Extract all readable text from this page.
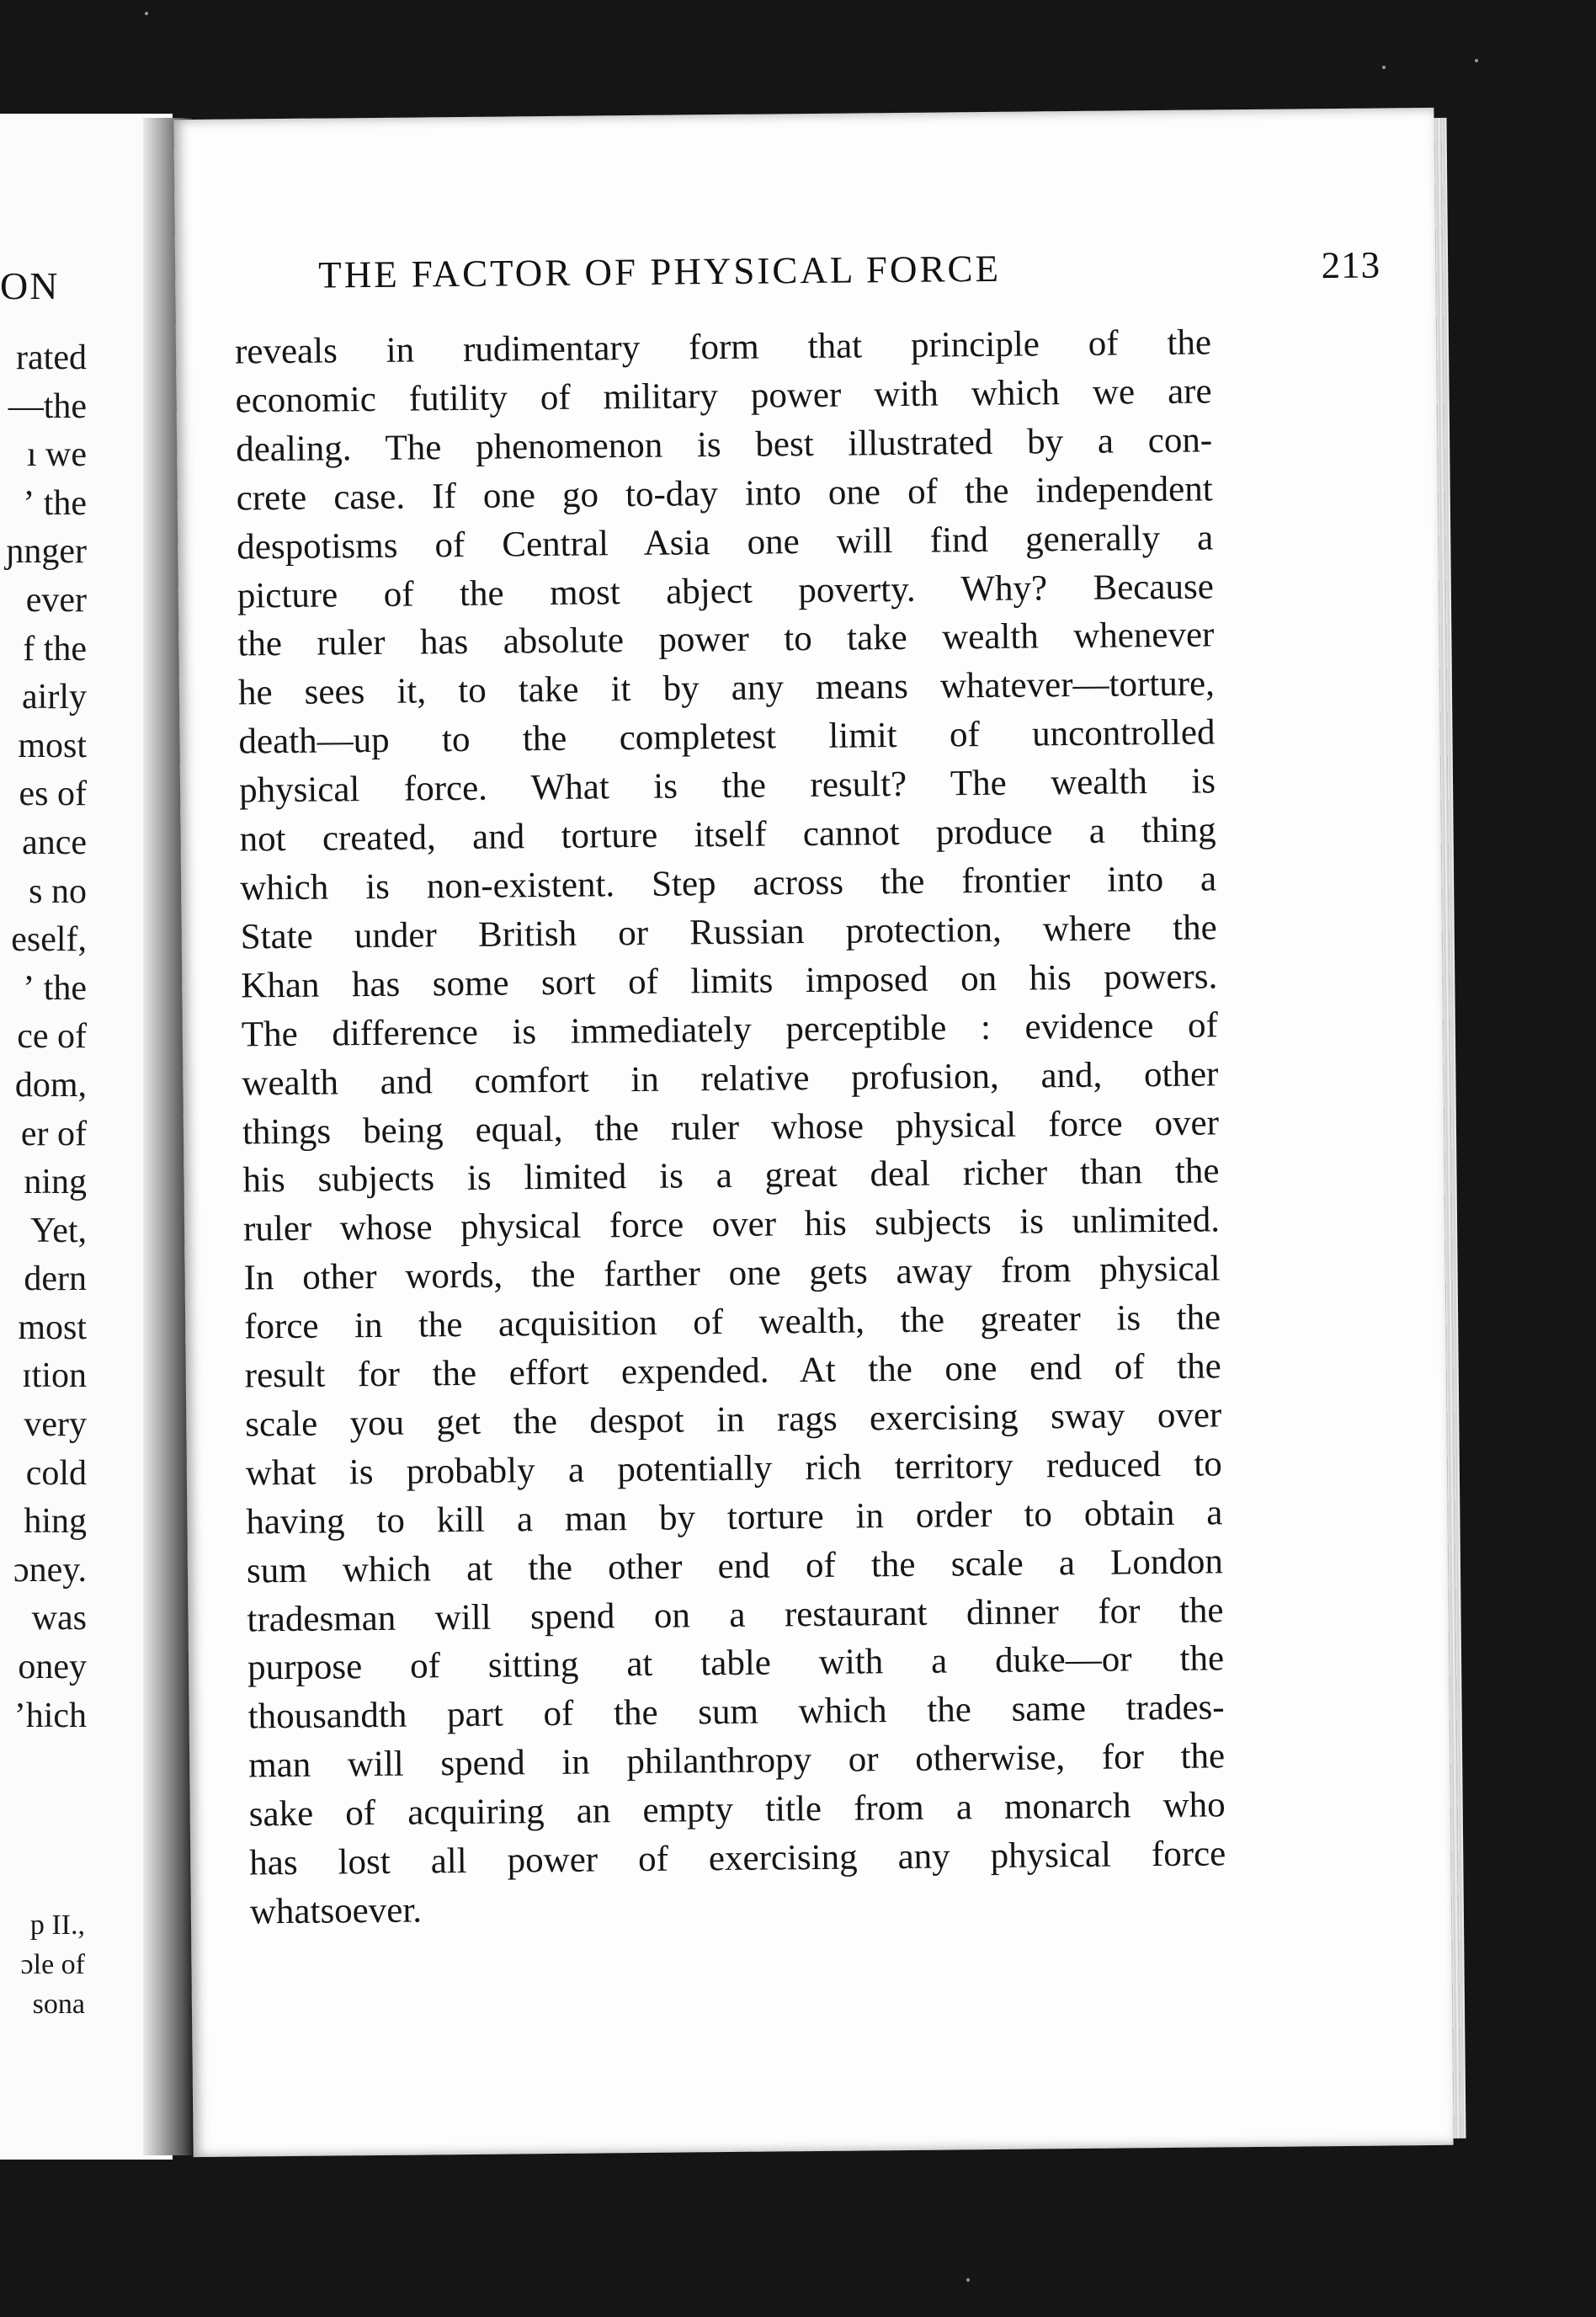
ON
rated
—the
ı we
ʼ the
ɲnger
ever
f the
airly
most
es of
ance
s no
eself,
ʼ the
ce of
dom,
er of
ning
Yet,
dern
most
ɪtion
very
cold
hing
ɔney.
was
oney
ʼhich
p II.,
ɔle of
sona
THE FACTOR OF PHYSICAL FORCE	213
reveals in rudimentary form that principle of the
economic futility of military power with which we are
dealing. The phenomenon is best illustrated by a con-
crete case. If one go to-day into one of the independent
despotisms of Central Asia one will find generally a
picture of the most abject poverty. Why? Because
the ruler has absolute power to take wealth whenever
he sees it, to take it by any means whatever—torture,
death—up to the completest limit of uncontrolled
physical force. What is the result? The wealth is
not created, and torture itself cannot produce a thing
which is non-existent. Step across the frontier into a
State under British or Russian protection, where the
Khan has some sort of limits imposed on his powers.
The difference is immediately perceptible : evidence of
wealth and comfort in relative profusion, and, other
things being equal, the ruler whose physical force over
his subjects is limited is a great deal richer than the
ruler whose physical force over his subjects is unlimited.
In other words, the farther one gets away from physical
force in the acquisition of wealth, the greater is the
result for the effort expended. At the one end of the
scale you get the despot in rags exercising sway over
what is probably a potentially rich territory reduced to
having to kill a man by torture in order to obtain a
sum which at the other end of the scale a London
tradesman will spend on a restaurant dinner for the
purpose of sitting at table with a duke—or the
thousandth part of the sum which the same trades-
man will spend in philanthropy or otherwise, for the
sake of acquiring an empty title from a monarch who
has lost all power of exercising any physical force
whatsoever.
